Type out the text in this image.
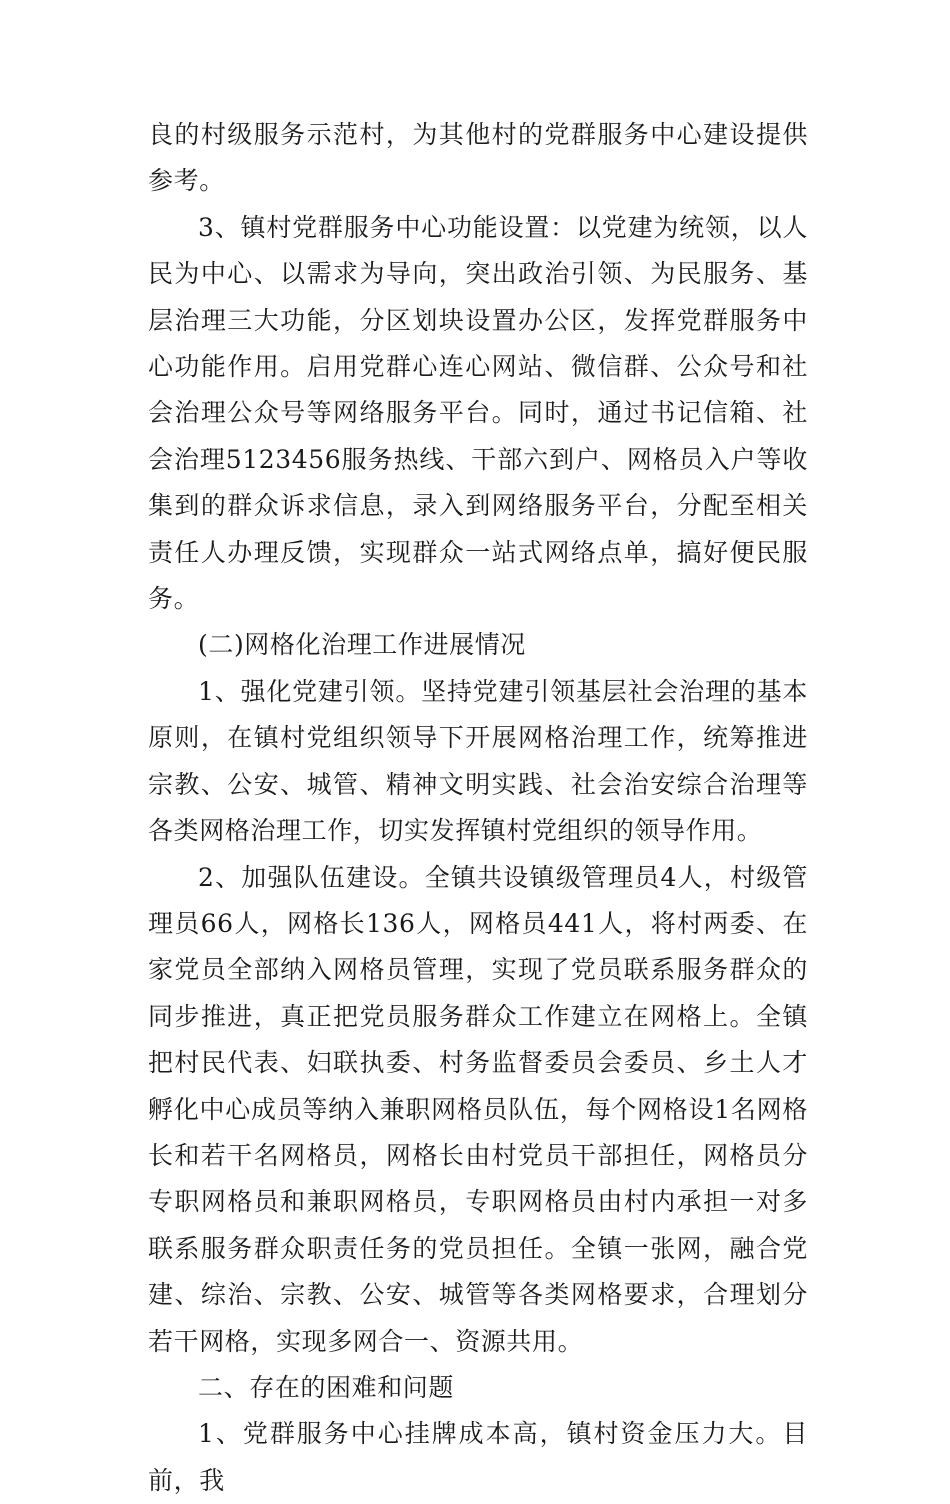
良的村级服务示范村，为其他村的党群服务中心建设提供参考。

3、镇村党群服务中心功能设置：以党建为统领，以人民为中心、以需求为导向，突出政治引领、为民服务、基层治理三大功能，分区划块设置办公区，发挥党群服务中心功能作用。启用党群心连心网站、微信群、公众号和社会治理公众号等网络服务平台。同时，通过书记信箱、社会治理5123456服务热线、干部六到户、网格员入户等收集到的群众诉求信息，录入到网络服务平台，分配至相关责任人办理反馈，实现群众一站式网络点单，搞好便民服务。

(二)网格化治理工作进展情况

1、强化党建引领。坚持党建引领基层社会治理的基本原则，在镇村党组织领导下开展网格治理工作，统筹推进宗教、公安、城管、精神文明实践、社会治安综合治理等各类网格治理工作，切实发挥镇村党组织的领导作用。

2、加强队伍建设。全镇共设镇级管理员4人，村级管理员66人，网格长136人，网格员441人，将村两委、在家党员全部纳入网格员管理，实现了党员联系服务群众的同步推进，真正把党员服务群众工作建立在网格上。全镇把村民代表、妇联执委、村务监督委员会委员、乡土人才孵化中心成员等纳入兼职网格员队伍，每个网格设1名网格长和若干名网格员，网格长由村党员干部担任，网格员分专职网格员和兼职网格员，专职网格员由村内承担一对多联系服务群众职责任务的党员担任。全镇一张网，融合党建、综治、宗教、公安、城管等各类网格要求，合理划分若干网格，实现多网合一、资源共用。

二、存在的困难和问题

1、党群服务中心挂牌成本高，镇村资金压力大。目前，我
